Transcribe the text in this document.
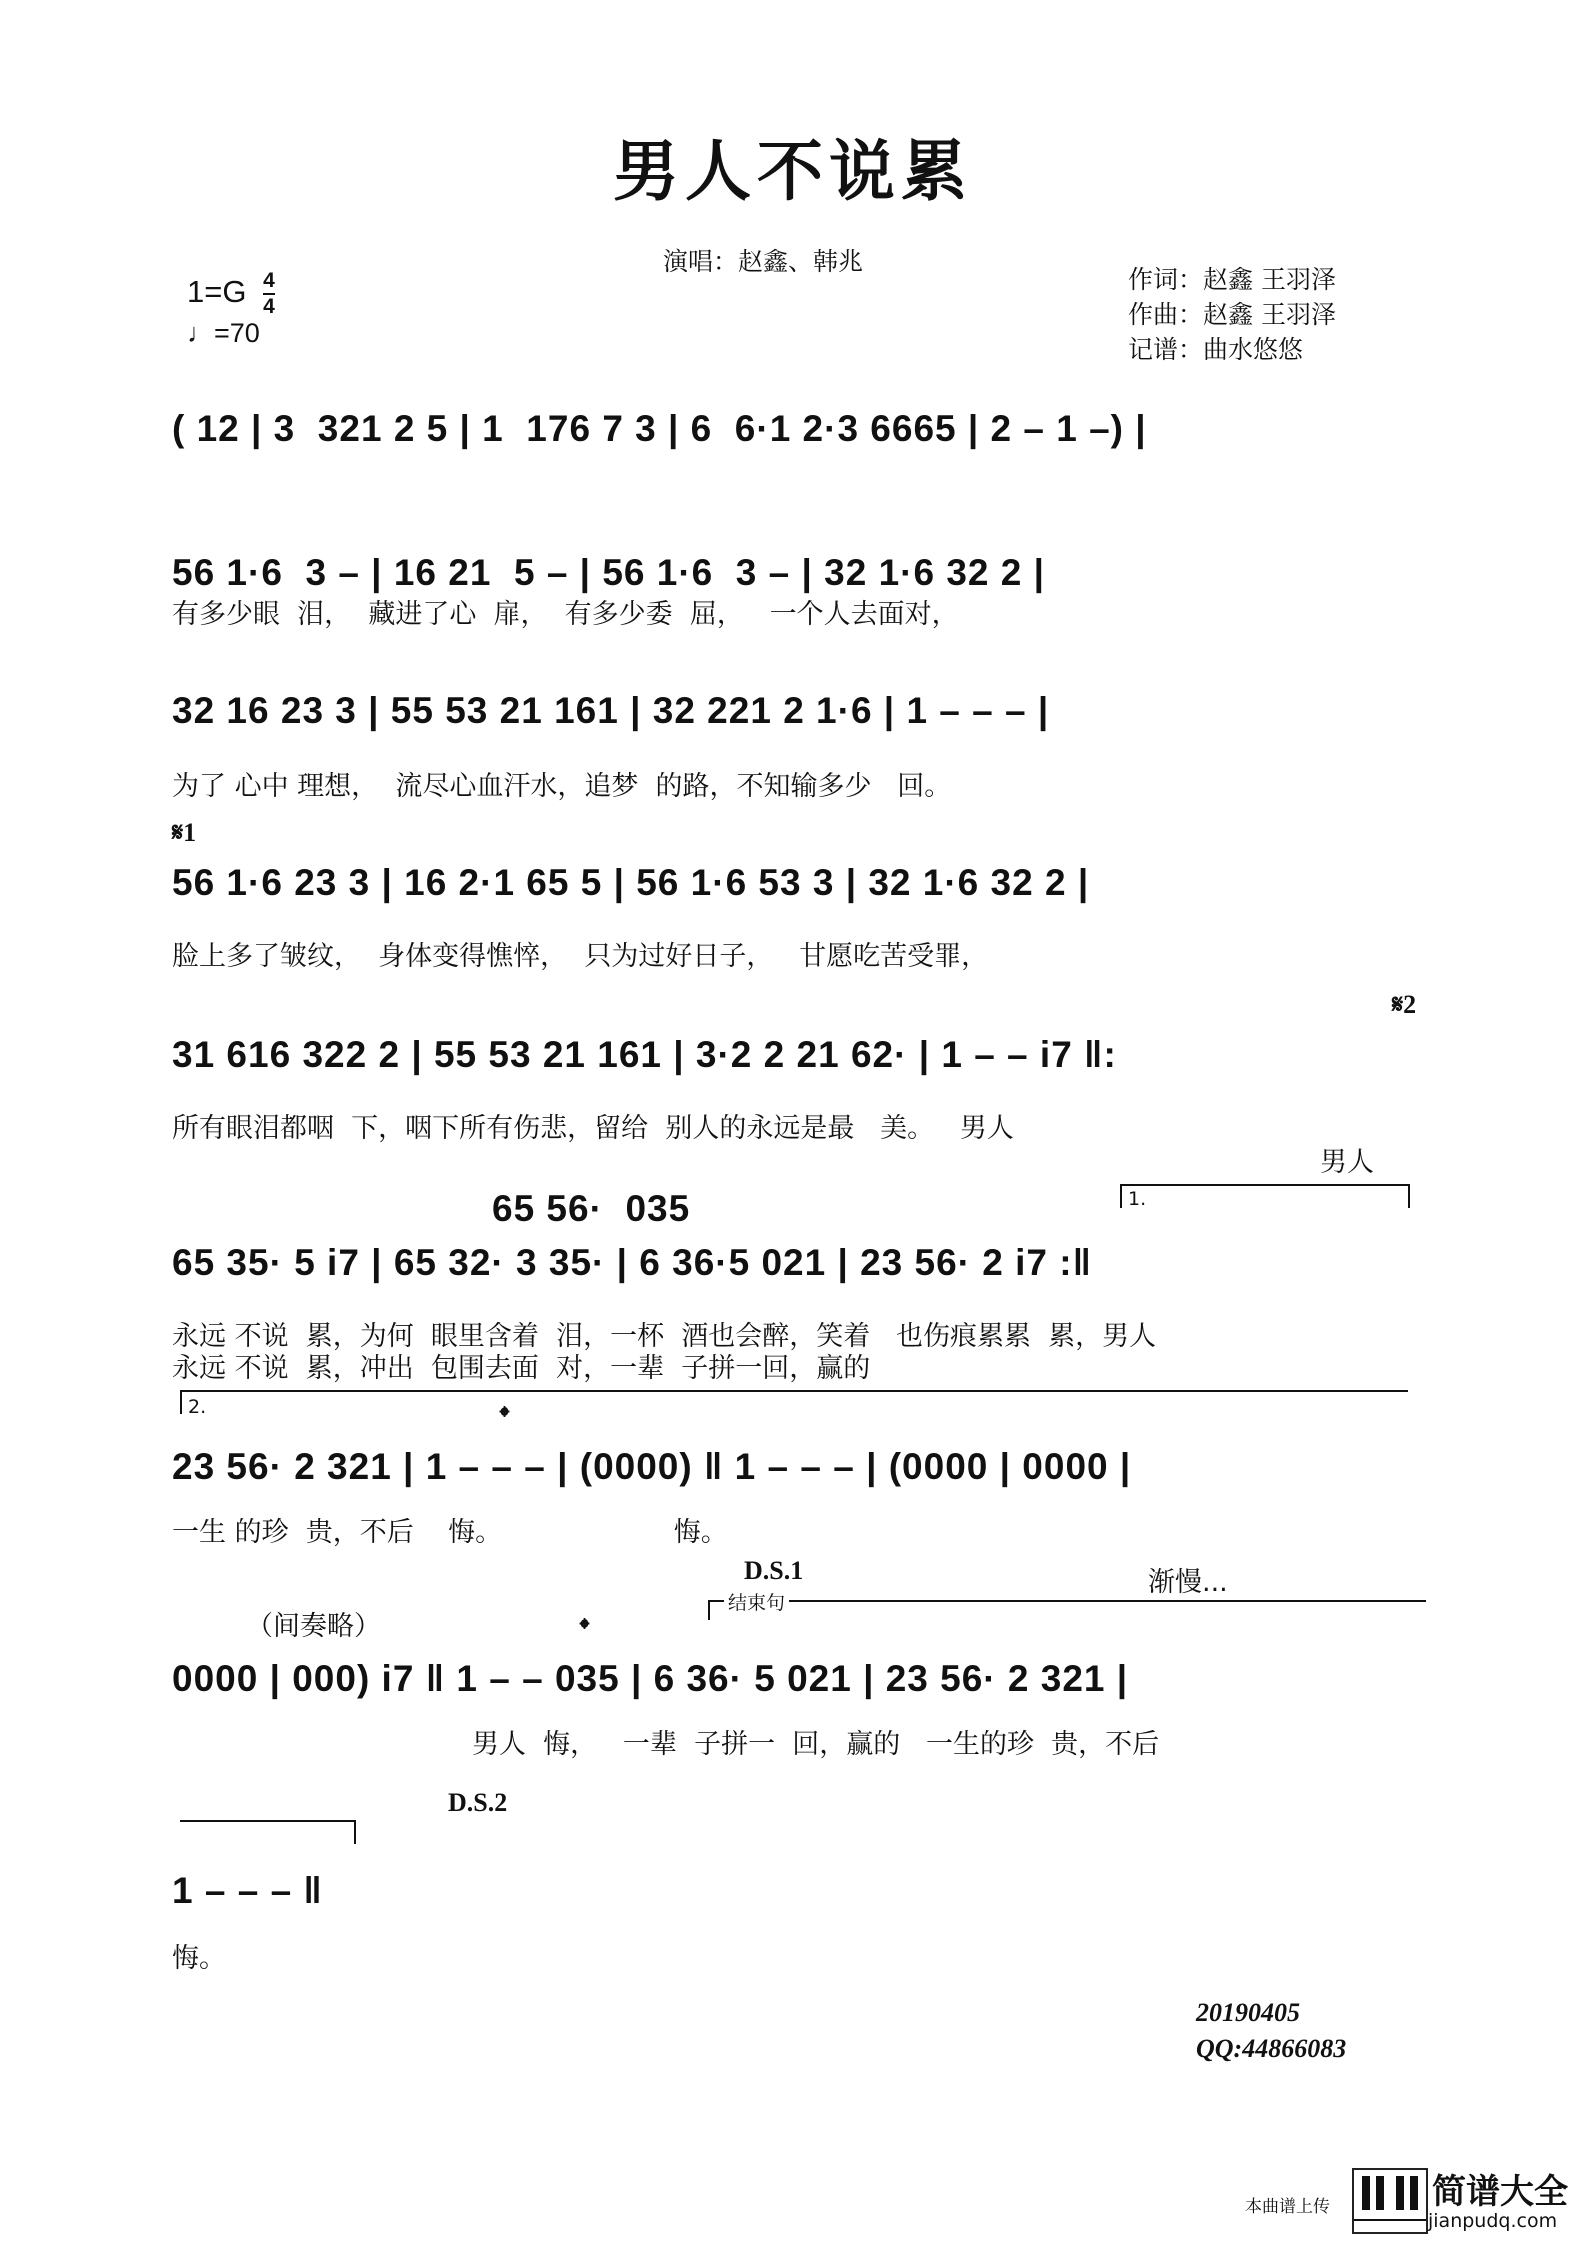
男人不说累
演唱：赵鑫、韩兆
作词：赵鑫 王羽泽
作曲：赵鑫 王羽泽
记谱：曲水悠悠
$1=G \frac{4}{4}$
♩=70
( 12 | 3  321 2 5 | 1  176 7 3 | 6  6·1 2·3 6665 | 2 – 1 –) |
56 1·6  3 – | 16 21  5 – | 56 1·6  3 – | 32 1·6 32 2 |
有多少眼  泪，  藏进了心  扉，  有多少委  屈，   一个人去面对，
32 16 23 3 | 55 53 21 161 | 32 221 2 1·6 | 1 – – – |
为了 心中 理想，  流尽心血汗水，追梦  的路，不知输多少   回。
𝄋1
56 1·6 23 3 | 16 2·1 65 5 | 56 1·6 53 3 | 32 1·6 32 2 |
脸上多了皱纹，  身体变得憔悴，  只为过好日子，   甘愿吃苦受罪，
𝄋2
31 616 322 2 | 55 53 21 161 | 3·2 2 21 62· | 1 – – i7 ‖:
所有眼泪都咽  下，咽下所有伤悲，留给  别人的永远是最   美。   男人
男人
1.
65 56·  035
65 35· 5 i7 | 65 32· 3 35· | 6 36·5 021 | 23 56· 2 i7 :‖
永远 不说  累，为何  眼里含着  泪，一杯  酒也会醉，笑着   也伤痕累累  累，男人
永远 不说  累，冲出  包围去面  对，一辈  子拼一回，赢的
2.	𝄌
23 56· 2 321 | 1 – – – | (0000) ‖ 1 – – – | (0000 | 0000 |
一生 的珍  贵，不后    悔。                    悔。
D.S.1	渐慢...
（间奏略）
结束句
𝄌
0000 | 000) i7 ‖ 1 – – 035 | 6 36· 5 021 | 23 56· 2 321 |
男人  悔，   一辈  子拼一  回，赢的   一生的珍  贵，不后
D.S.2
1 – – – ‖
悔。
20190405
QQ:44866083
本曲谱上传	简谱大全
jianpudq.com
